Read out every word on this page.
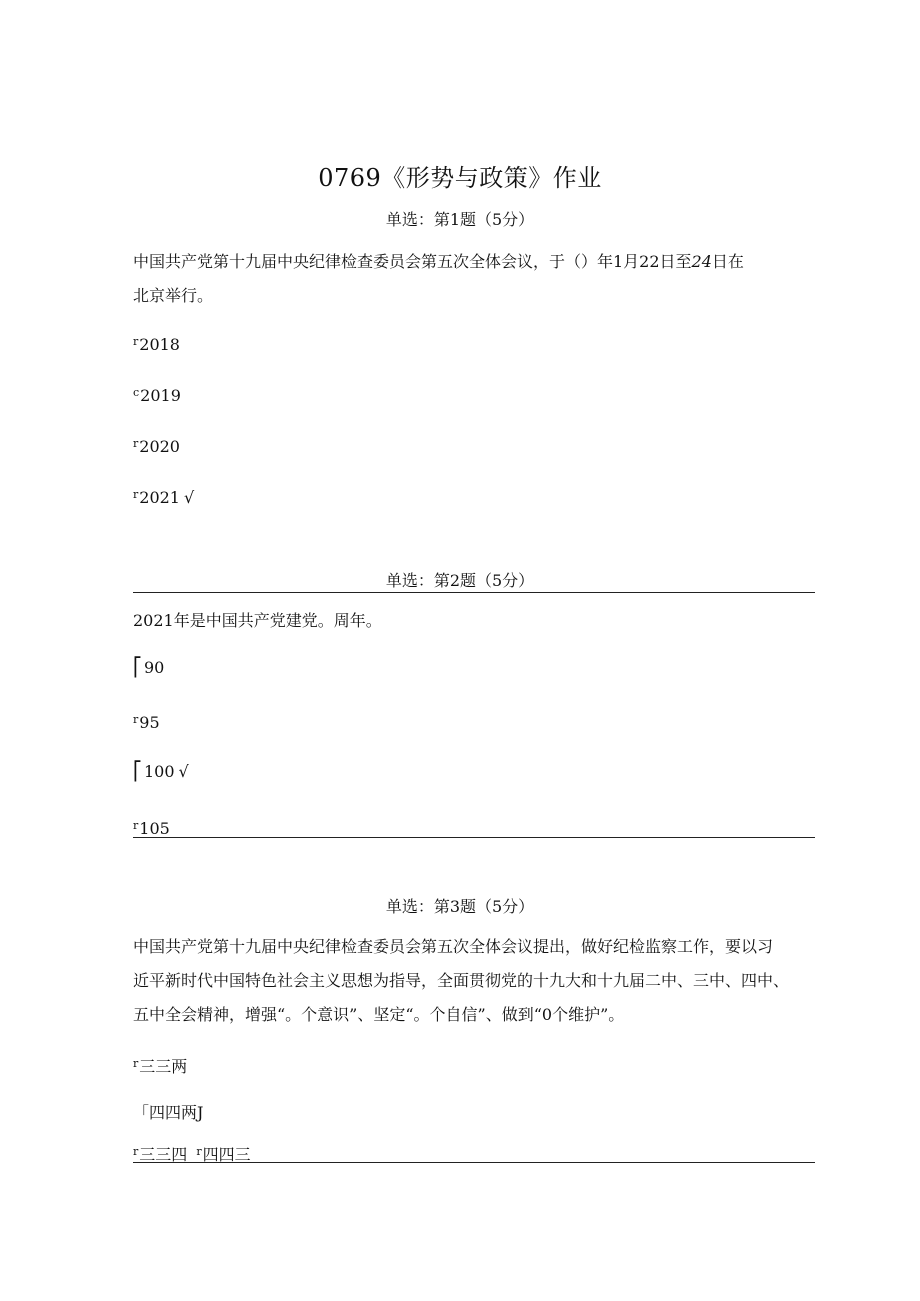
0769《形势与政策》作业
单选：第1题（5分）
中国共产党第十九届中央纪律检查委员会第五次全体会议，于（）年1月22日至24日在
北京举行。
$^r$2018
$^c$2019
$^r$2020
$^r$2021 √
单选：第2题（5分）
2021年是中国共产党建党。周年。
⎡ 90
$^r$95
⎡ 100 √
$^r$105
单选：第3题（5分）
中国共产党第十九届中央纪律检查委员会第五次全体会议提出，做好纪检监察工作，要以习
近平新时代中国特色社会主义思想为指导，全面贯彻党的十九大和十九届二中、三中、四中、
五中全会精神，增强“。个意识”、坚定“。个自信”、做到“0个维护”。
$^r$三三两
「四四两J
$^r$三三四 $^r$四四三
